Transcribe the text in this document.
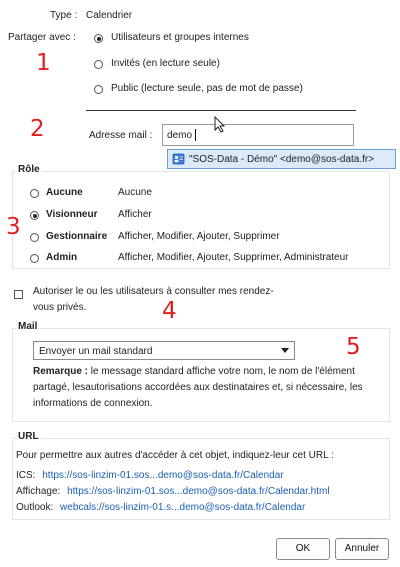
Type : Calendrier
Partager avec :	Utilisateurs et groupes internes
Invités (en lecture seule)
Public (lecture seule, pas de mot de passe)
1
2	Adresse mail : demo
"SOS-Data - Démo" <demo@sos-data.fr>
Rôle
3
Aucune	Aucune
Visionneur Afficher
Gestionnaire Afficher, Modifier, Ajouter, Supprimer
Admin	Afficher, Modifier, Ajouter, Supprimer, Administrateur
Autoriser le ou les utilisateurs à consulter mes rendez-vous privés.	4
Mail
5
Envoyer un mail standard
Remarque : le message standard affiche votre nom, le nom de l'élément partagé, lesautorisations accordées aux destinataires et, si nécessaire, les informations de connexion.
URL
Pour permettre aux autres d'accéder à cet objet, indiquez-leur cet URL :
ICS: https://sos-linzim-01.sos...demo@sos-data.fr/Calendar
Affichage: https://sos-linzim-01.sos...demo@sos-data.fr/Calendar.html
Outlook: webcals://sos-linzim-01.s...demo@sos-data.fr/Calendar
OK	Annuler
